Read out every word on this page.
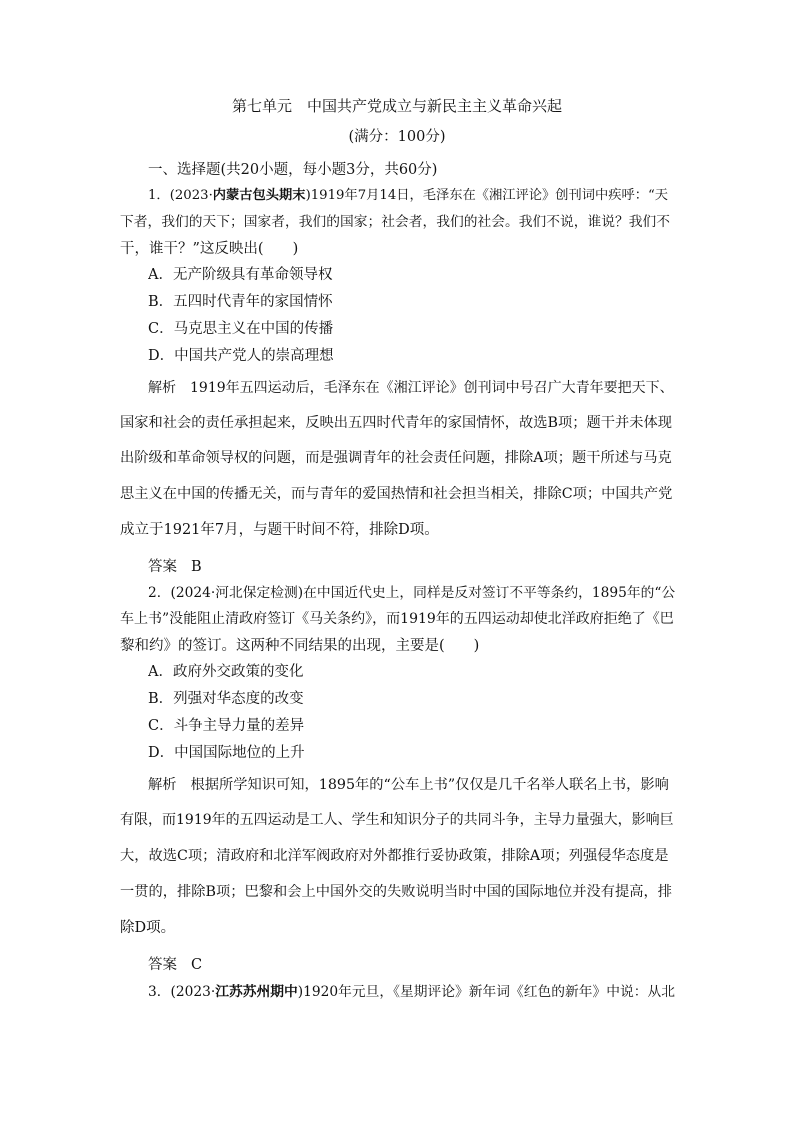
第七单元　中国共产党成立与新民主主义革命兴起
(满分：100分)
一、选择题(共20小题，每小题3分，共60分)
1．(2023·内蒙古包头期末)1919年7月14日，毛泽东在《湘江评论》创刊词中疾呼：“天
下者，我们的天下；国家者，我们的国家；社会者，我们的社会。我们不说，谁说？我们不
干，谁干？”这反映出(　　)
A．无产阶级具有革命领导权
B．五四时代青年的家国情怀
C．马克思主义在中国的传播
D．中国共产党人的崇高理想
解析 1919年五四运动后，毛泽东在《湘江评论》创刊词中号召广大青年要把天下、
国家和社会的责任承担起来，反映出五四时代青年的家国情怀，故选B项；题干并未体现
出阶级和革命领导权的问题，而是强调青年的社会责任问题，排除A项；题干所述与马克
思主义在中国的传播无关，而与青年的爱国热情和社会担当相关，排除C项；中国共产党
成立于1921年7月，与题干时间不符，排除D项。
答案 B
2．(2024·河北保定检测)在中国近代史上，同样是反对签订不平等条约，1895年的“公
车上书”没能阻止清政府签订《马关条约》，而1919年的五四运动却使北洋政府拒绝了《巴
黎和约》的签订。这两种不同结果的出现，主要是(　　)
A．政府外交政策的变化
B．列强对华态度的改变
C．斗争主导力量的差异
D．中国国际地位的上升
解析 根据所学知识可知，1895年的“公车上书”仅仅是几千名举人联名上书，影响
有限，而1919年的五四运动是工人、学生和知识分子的共同斗争，主导力量强大，影响巨
大，故选C项；清政府和北洋军阀政府对外都推行妥协政策，排除A项；列强侵华态度是
一贯的，排除B项；巴黎和会上中国外交的失败说明当时中国的国际地位并没有提高，排
除D项。
答案 C
3．(2023·江苏苏州期中)1920年元旦，《星期评论》新年词《红色的新年》中说：从北
